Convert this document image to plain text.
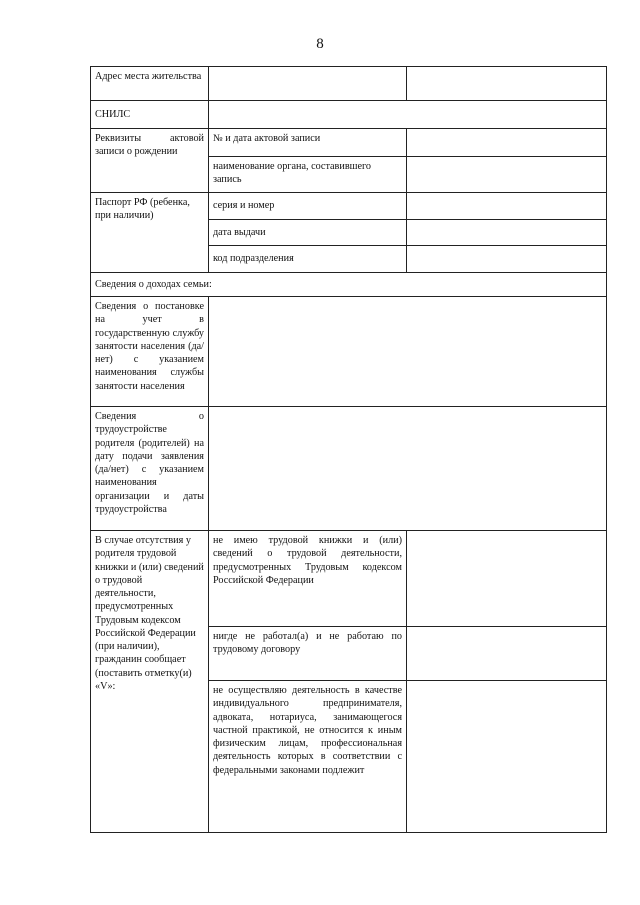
8
Адрес места жительства		
СНИЛС		
Реквизиты актовой записи о рождении	№ и дата актовой записи	
	наименование органа, составившего запись	
Паспорт РФ (ребенка, при наличии)	серия и номер	
	дата выдачи	
	код подразделения	
Сведения о доходах семьи:		
Сведения о постановке на учет в государственную службу занятости населения (да/нет) с указанием наименования службы занятости населения		
Сведения о трудоустройстве родителя (родителей) на дату подачи заявления (да/нет) с указанием наименования организации и даты трудоустройства		
В случае отсутствия у родителя трудовой книжки и (или) сведений о трудовой деятельности, предусмотренных Трудовым кодексом Российской Федерации (при наличии), гражданин сообщает (поставить отметку(и) «V»:	не имею трудовой книжки и (или) сведений о трудовой деятельности, предусмотренных Трудовым кодексом Российской Федерации	
	нигде не работал(а) и не работаю по трудовому договору	
	не осуществляю деятельность в качестве индивидуального предпринимателя, адвоката, нотариуса, занимающегося частной практикой, не относится к иным физическим лицам, профессиональная деятельность которых в соответствии с федеральными законами подлежит	
